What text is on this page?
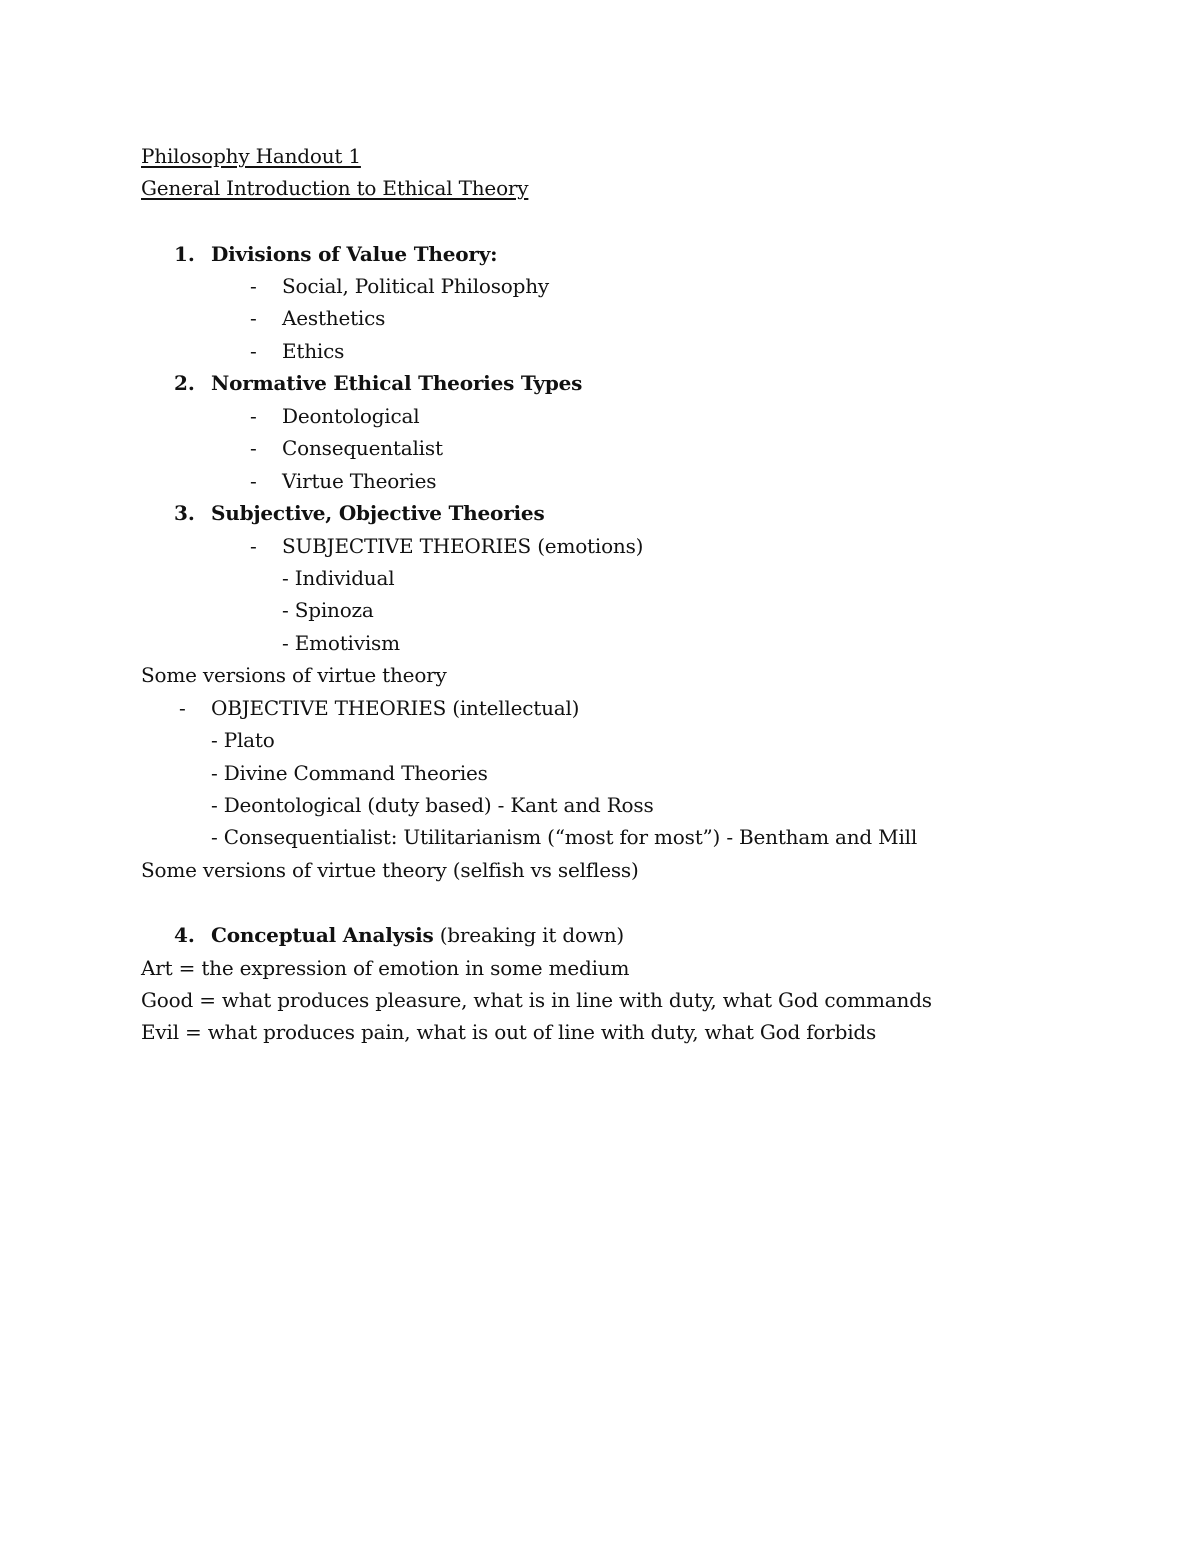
Philosophy Handout 1
General Introduction to Ethical Theory
1. Divisions of Value Theory:
- Social, Political Philosophy
- Aesthetics
- Ethics
2. Normative Ethical Theories Types
- Deontological
- Consequentalist
- Virtue Theories
3. Subjective, Objective Theories
- SUBJECTIVE THEORIES (emotions)
- Individual
- Spinoza
- Emotivism
Some versions of virtue theory
- OBJECTIVE THEORIES (intellectual)
- Plato
- Divine Command Theories
- Deontological (duty based) - Kant and Ross
- Consequentialist: Utilitarianism (“most for most”) - Bentham and Mill
Some versions of virtue theory (selfish vs selfless)
4. Conceptual Analysis (breaking it down)
Art = the expression of emotion in some medium
Good = what produces pleasure, what is in line with duty, what God commands
Evil = what produces pain, what is out of line with duty, what God forbids
